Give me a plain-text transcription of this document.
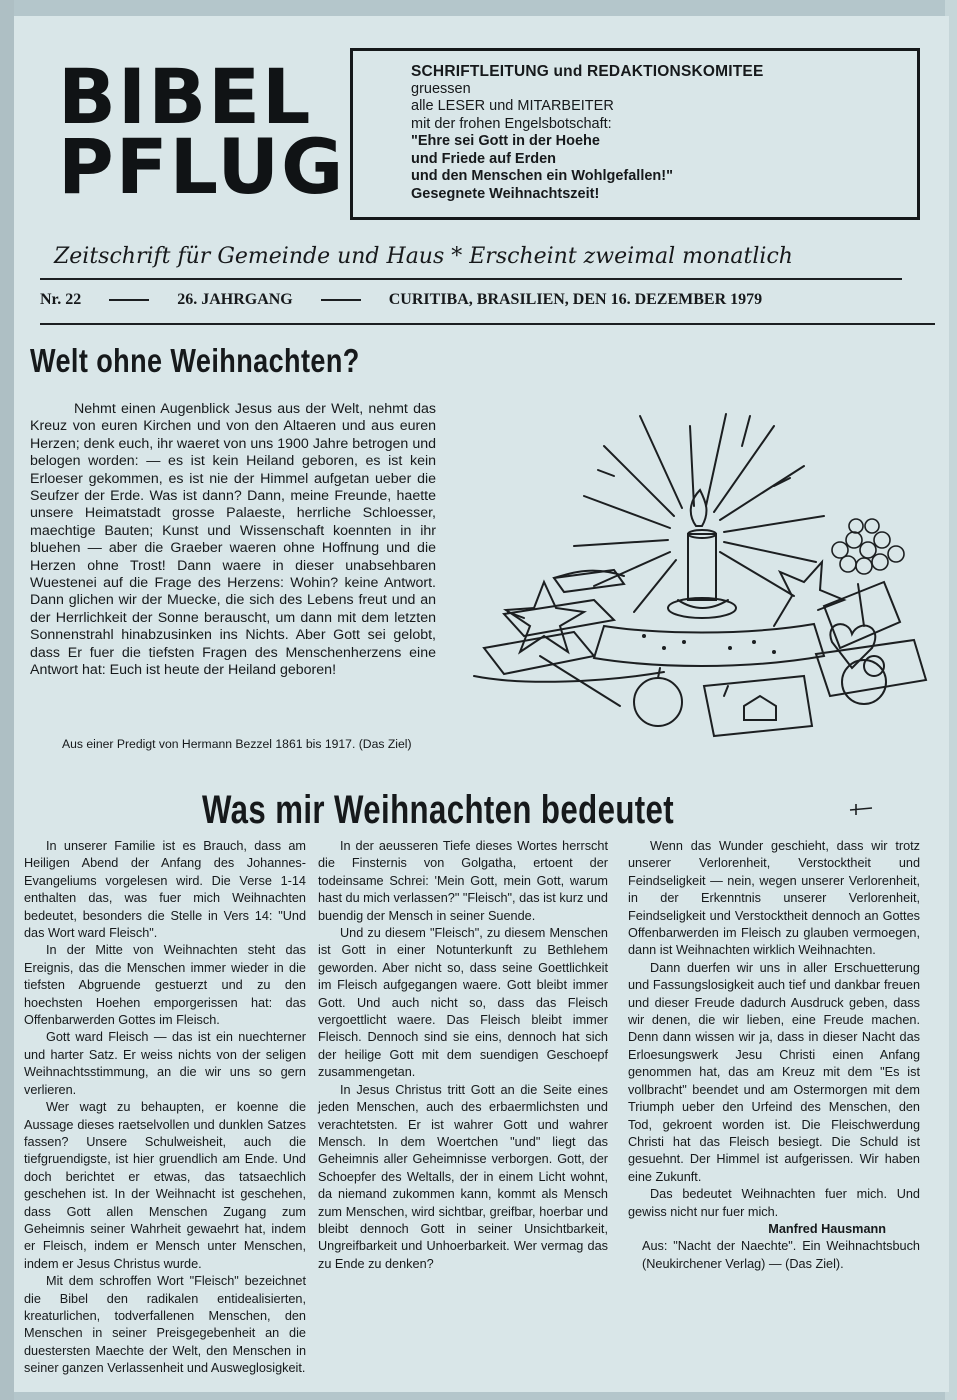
BIBEL
PFLUG
SCHRIFTLEITUNG und REDAKTIONSKOMITEE
gruessen
alle LESER und MITARBEITER
mit der frohen Engelsbotschaft:
"Ehre sei Gott in der Hoehe
und Friede auf Erden
und den Menschen ein Wohlgefallen!"
Gesegnete Weihnachtszeit!
Zeitschrift für Gemeinde und Haus * Erscheint zweimal monatlich
Nr. 22	26. JAHRGANG	CURITIBA, BRASILIEN, DEN 16. DEZEMBER 1979
Welt ohne Weihnachten?
Nehmt einen Augenblick Jesus aus der Welt, nehmt das Kreuz von euren Kirchen und von den Altaeren und aus euren Herzen; denk euch, ihr waeret von uns 1900 Jahre betrogen und belogen worden: — es ist kein Heiland geboren, es ist kein Erloeser gekommen, es ist nie der Himmel aufgetan ueber die Seufzer der Erde. Was ist dann? Dann, meine Freunde, haette unsere Heimatstadt grosse Palaeste, herrliche Schloesser, maechtige Bauten; Kunst und Wissenschaft koennten in ihr bluehen — aber die Graeber waeren ohne Hoffnung und die Herzen ohne Trost! Dann waere in dieser unabsehbaren Wuestenei auf die Frage des Herzens: Wohin? keine Antwort. Dann glichen wir der Muecke, die sich des Lebens freut und an der Herrlichkeit der Sonne berauscht, um dann mit dem letzten Sonnenstrahl hinabzusinken ins Nichts. Aber Gott sei gelobt, dass Er fuer die tiefsten Fragen des Menschenherzens eine Antwort hat: Euch ist heute der Heiland geboren!
Aus einer Predigt von Hermann Bezzel 1861 bis 1917. (Das Ziel)
Was mir Weihnachten bedeutet

In unserer Familie ist es Brauch, dass am Heiligen Abend der Anfang des Johannes-Evangeliums vorgelesen wird. Die Verse 1-14 enthalten das, was fuer mich Weihnachten bedeutet, besonders die Stelle in Vers 14: "Und das Wort ward Fleisch".

In der Mitte von Weihnachten steht das Ereignis, das die Menschen immer wieder in die tiefsten Abgruende gestuerzt und zu den hoechsten Hoehen emporgerissen hat: das Offenbarwerden Gottes im Fleisch.

Gott ward Fleisch — das ist ein nuechterner und harter Satz. Er weiss nichts von der seligen Weihnachtsstimmung, an die wir uns so gern verlieren.

Wer wagt zu behaupten, er koenne die Aussage dieses raetselvollen und dunklen Satzes fassen? Unsere Schulweisheit, auch die tiefgruendigste, ist hier gruendlich am Ende. Und doch berichtet er etwas, das tatsaechlich geschehen ist. In der Weihnacht ist geschehen, dass Gott allen Menschen Zugang zum Geheimnis seiner Wahrheit gewaehrt hat, indem er Fleisch, indem er Mensch unter Menschen, indem er Jesus Christus wurde.

Mit dem schroffen Wort "Fleisch" bezeichnet die Bibel den radikalen entidealisierten, kreaturlichen, todverfallenen Menschen, den Menschen in seiner Preisgegebenheit an die duestersten Maechte der Welt, den Menschen in seiner ganzen Verlassenheit und Ausweglosigkeit.

In der aeusseren Tiefe dieses Wortes herrscht die Finsternis von Golgatha, ertoent der todeinsame Schrei: 'Mein Gott, mein Gott, warum hast du mich verlassen?" "Fleisch", das ist kurz und buendig der Mensch in seiner Suende.

Und zu diesem "Fleisch", zu diesem Menschen ist Gott in einer Notunterkunft zu Bethlehem geworden. Aber nicht so, dass seine Goettlichkeit im Fleisch aufgegangen waere. Gott bleibt immer Gott. Und auch nicht so, dass das Fleisch vergoettlicht waere. Das Fleisch bleibt immer Fleisch. Dennoch sind sie eins, dennoch hat sich der heilige Gott mit dem suendigen Geschoepf zusammengetan.

In Jesus Christus tritt Gott an die Seite eines jeden Menschen, auch des erbaermlichsten und verachtetsten. Er ist wahrer Gott und wahrer Mensch. In dem Woertchen "und" liegt das Geheimnis aller Geheimnisse verborgen. Gott, der Schoepfer des Weltalls, der in einem Licht wohnt, da niemand zukommen kann, kommt als Mensch zum Menschen, wird sichtbar, greifbar, hoerbar und bleibt dennoch Gott in seiner Unsichtbarkeit, Ungreifbarkeit und Unhoerbarkeit. Wer vermag das zu Ende zu denken?

Wenn das Wunder geschieht, dass wir trotz unserer Verlorenheit, Verstocktheit und Feindseligkeit — nein, wegen unserer Verlorenheit, in der Erkenntnis unserer Verlorenheit, Feindseligkeit und Verstocktheit dennoch an Gottes Offenbarwerden im Fleisch zu glauben vermoegen, dann ist Weihnachten wirklich Weihnachten.

Dann duerfen wir uns in aller Erschuetterung und Fassungslosigkeit auch tief und dankbar freuen und dieser Freude dadurch Ausdruck geben, dass wir denen, die wir lieben, eine Freude machen. Denn dann wissen wir ja, dass in dieser Nacht das Erloesungswerk Jesu Christi einen Anfang genommen hat, das am Kreuz mit dem "Es ist vollbracht" beendet und am Ostermorgen mit dem Triumph ueber den Urfeind des Menschen, den Tod, gekroent worden ist. Die Fleischwerdung Christi hat das Fleisch besiegt. Die Schuld ist gesuehnt. Der Himmel ist aufgerissen. Wir haben eine Zukunft.

Das bedeutet Weihnachten fuer mich. Und gewiss nicht nur fuer mich.

Manfred Hausmann

Aus: "Nacht der Naechte". Ein Weihnachtsbuch (Neukirchener Verlag) — (Das Ziel).
